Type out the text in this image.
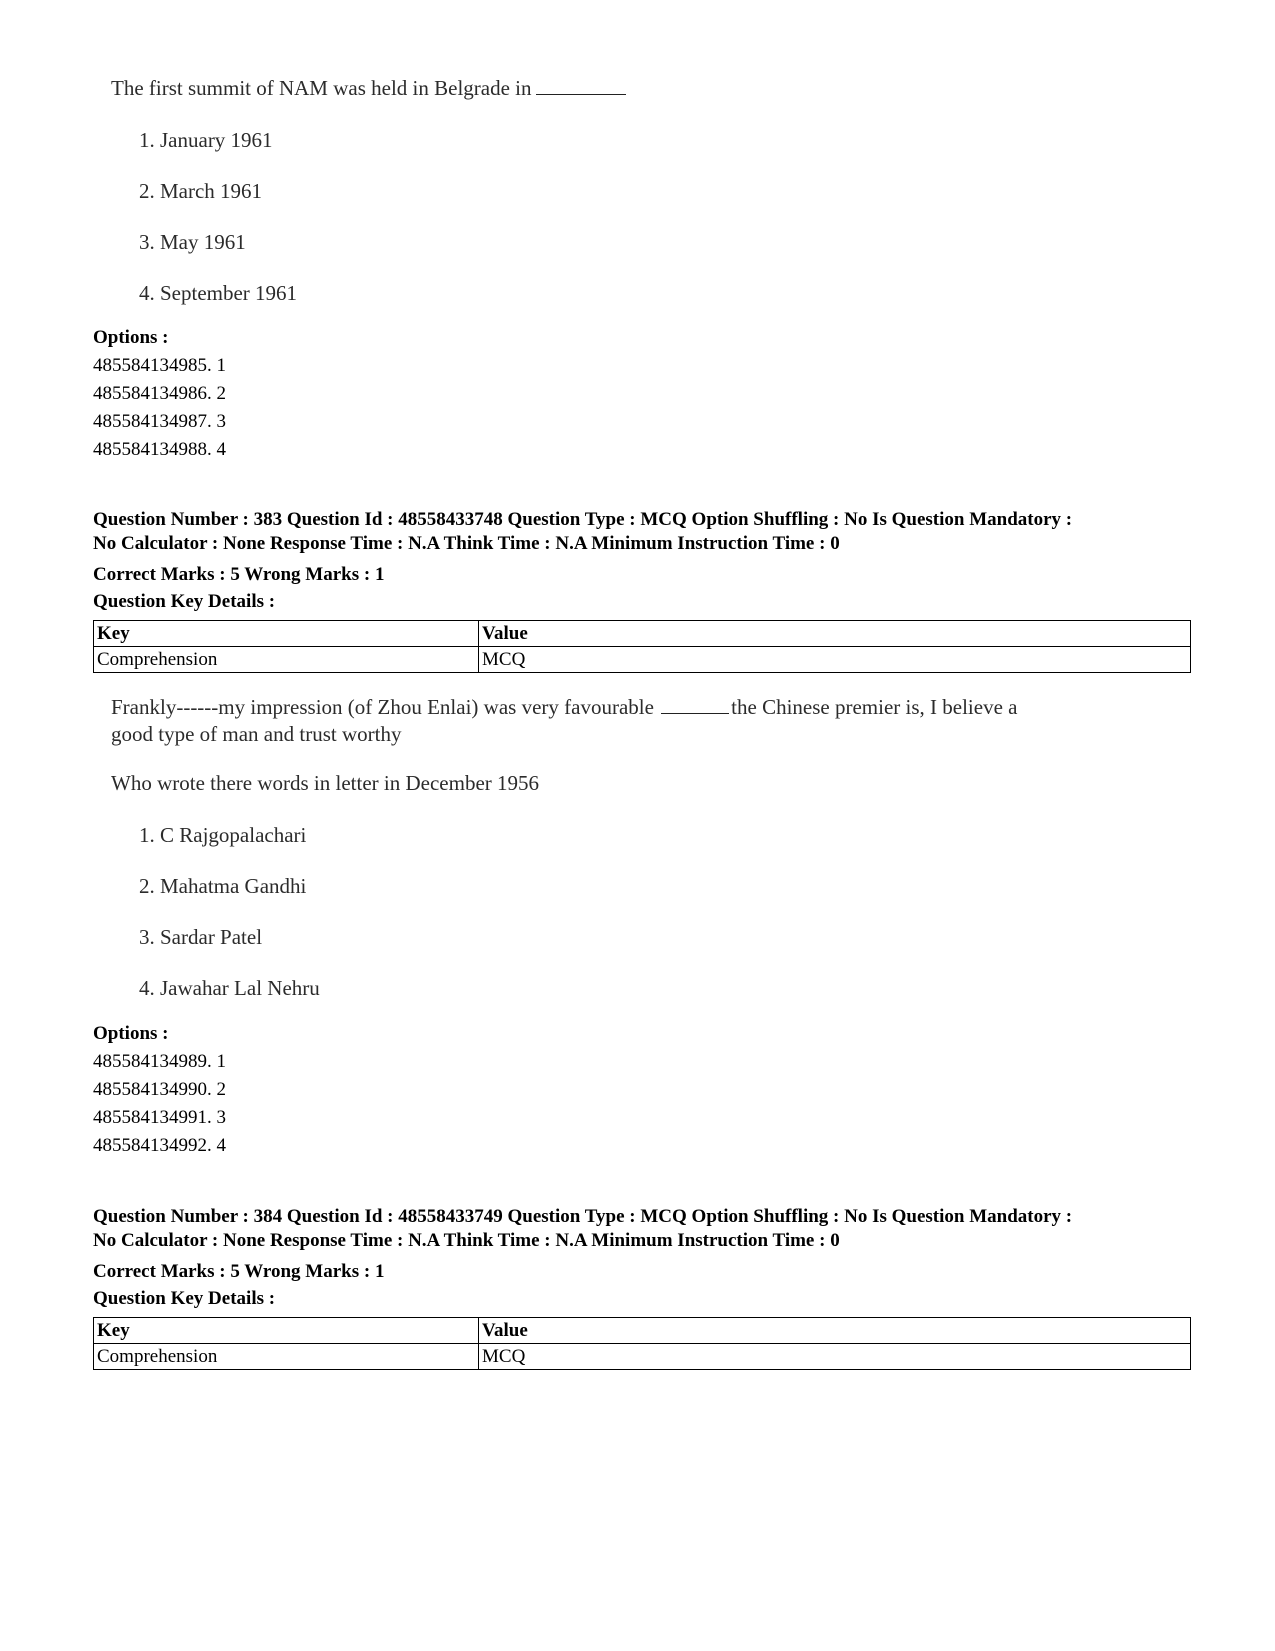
The first summit of NAM was held in Belgrade in
1. January 1961
2. March 1961
3. May 1961
4. September 1961
Options :
485584134985. 1
485584134986. 2
485584134987. 3
485584134988. 4
Question Number : 383 Question Id : 48558433748 Question Type : MCQ Option Shuffling : No Is Question Mandatory :
No Calculator : None Response Time : N.A Think Time : N.A Minimum Instruction Time : 0
Correct Marks : 5 Wrong Marks : 1
Question Key Details :
Key	Value
Comprehension	MCQ
Frankly------my impression (of Zhou Enlai) was very favourable	the Chinese premier is, I believe a
good type of man and trust worthy
Who wrote there words in letter in December 1956
1. C Rajgopalachari
2. Mahatma Gandhi
3. Sardar Patel
4. Jawahar Lal Nehru
Options :
485584134989. 1
485584134990. 2
485584134991. 3
485584134992. 4
Question Number : 384 Question Id : 48558433749 Question Type : MCQ Option Shuffling : No Is Question Mandatory :
No Calculator : None Response Time : N.A Think Time : N.A Minimum Instruction Time : 0
Correct Marks : 5 Wrong Marks : 1
Question Key Details :
Key	Value
Comprehension	MCQ
